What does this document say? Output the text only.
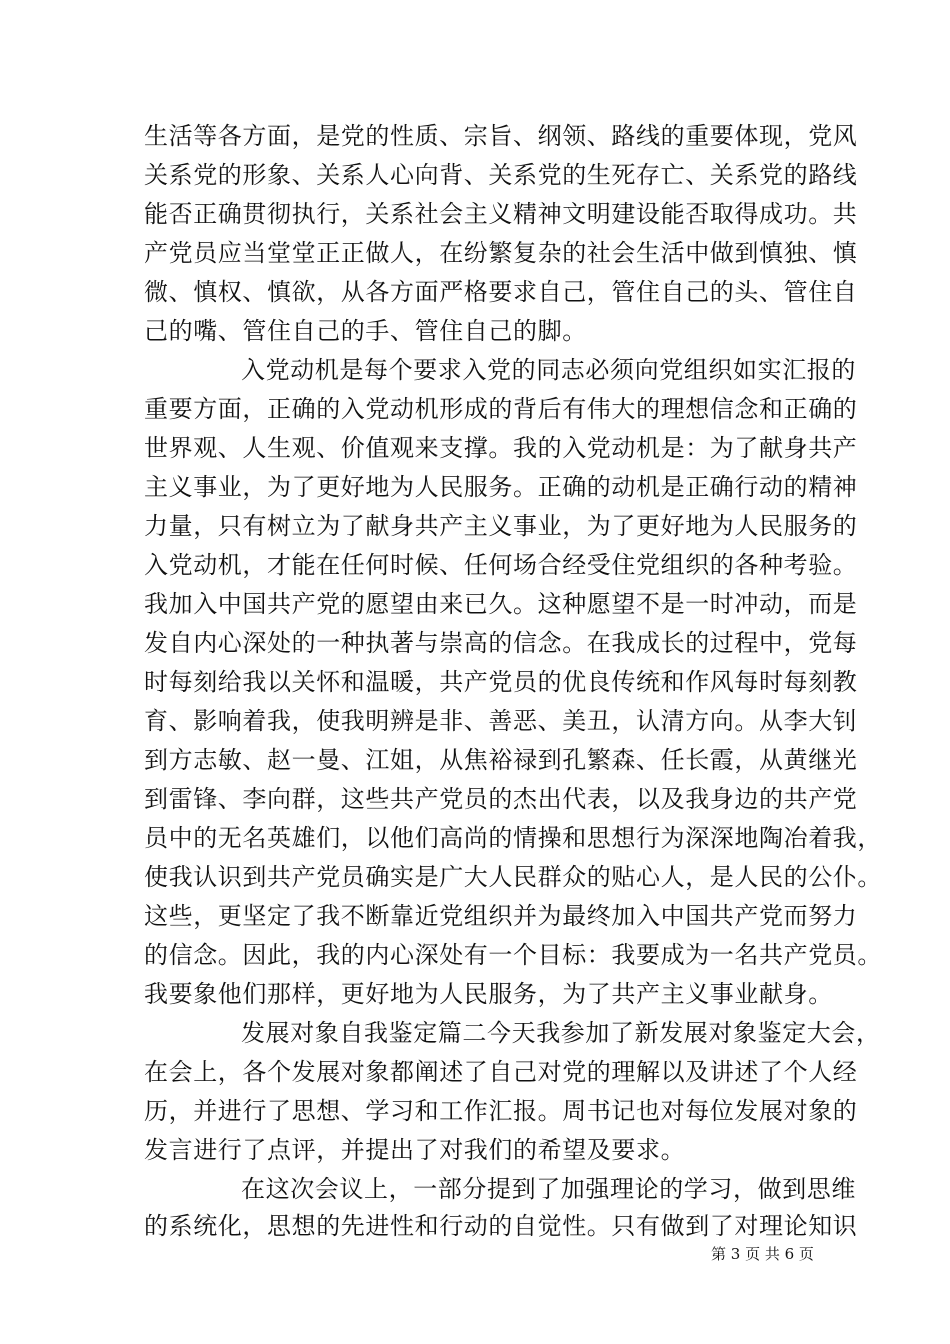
生活等各方面，是党的性质、宗旨、纲领、路线的重要体现，党风
关系党的形象、关系人心向背、关系党的生死存亡、关系党的路线
能否正确贯彻执行，关系社会主义精神文明建设能否取得成功。共
产党员应当堂堂正正做人，在纷繁复杂的社会生活中做到慎独、慎
微、慎权、慎欲，从各方面严格要求自己，管住自己的头、管住自
己的嘴、管住自己的手、管住自己的脚。
入党动机是每个要求入党的同志必须向党组织如实汇报的
重要方面，正确的入党动机形成的背后有伟大的理想信念和正确的
世界观、人生观、价值观来支撑。我的入党动机是：为了献身共产
主义事业，为了更好地为人民服务。正确的动机是正确行动的精神
力量，只有树立为了献身共产主义事业，为了更好地为人民服务的
入党动机，才能在任何时候、任何场合经受住党组织的各种考验。
我加入中国共产党的愿望由来已久。这种愿望不是一时冲动，而是
发自内心深处的一种执著与崇高的信念。在我成长的过程中，党每
时每刻给我以关怀和温暖，共产党员的优良传统和作风每时每刻教
育、影响着我，使我明辨是非、善恶、美丑，认清方向。从李大钊
到方志敏、赵一曼、江姐，从焦裕禄到孔繁森、任长霞，从黄继光
到雷锋、李向群，这些共产党员的杰出代表，以及我身边的共产党
员中的无名英雄们，以他们高尚的情操和思想行为深深地陶冶着我，
使我认识到共产党员确实是广大人民群众的贴心人，是人民的公仆。
这些，更坚定了我不断靠近党组织并为最终加入中国共产党而努力
的信念。因此，我的内心深处有一个目标：我要成为一名共产党员。
我要象他们那样，更好地为人民服务，为了共产主义事业献身。
发展对象自我鉴定篇二今天我参加了新发展对象鉴定大会，
在会上，各个发展对象都阐述了自己对党的理解以及讲述了个人经
历，并进行了思想、学习和工作汇报。周书记也对每位发展对象的
发言进行了点评，并提出了对我们的希望及要求。
在这次会议上，一部分提到了加强理论的学习，做到思维
的系统化，思想的先进性和行动的自觉性。只有做到了对理论知识
第 3 页 共 6 页
